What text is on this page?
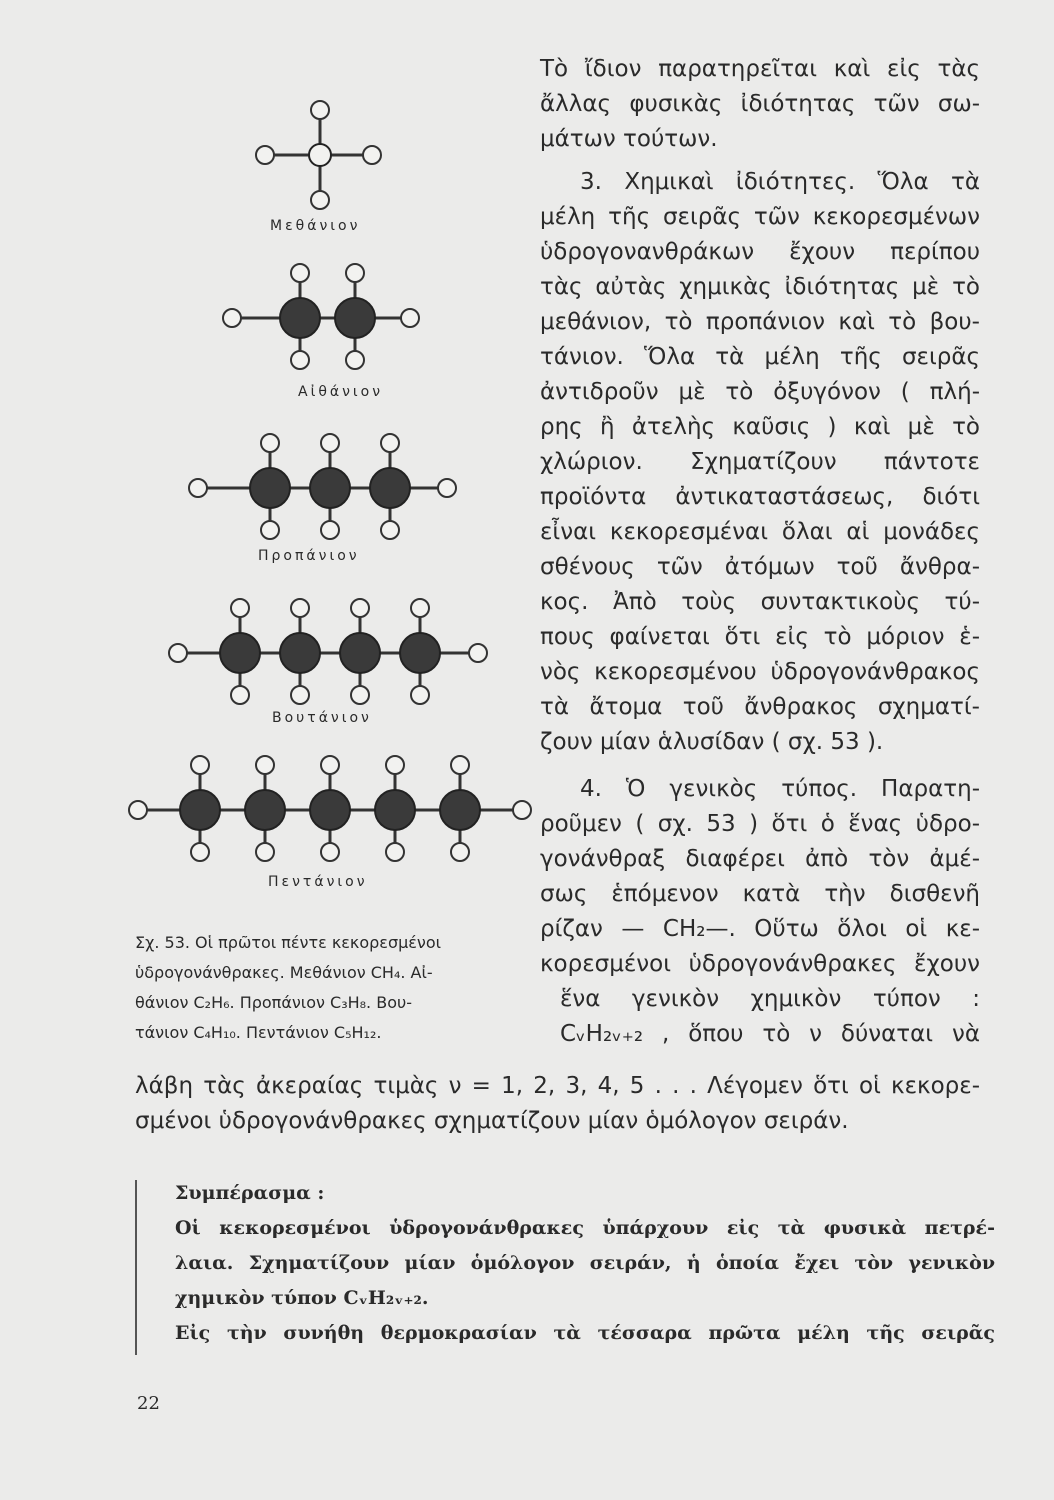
Μεθάνιον
Αἰθάνιον
Προπάνιον
Βουτάνιον
Πεντάνιον
Σχ. 53. Οἱ πρῶτοι πέντε κεκορεσμένοι
ὑδρογονάνθρακες. Μεθάνιον CH₄. Αἰ-
θάνιον C₂H₆. Προπάνιον C₃H₈. Βου-
τάνιον C₄H₁₀. Πεντάνιον C₅H₁₂.
Τὸ ἴδιον παρατηρεῖται καὶ εἰς τὰς
ἄλλας φυσικὰς ἰδιότητας τῶν σω-
μάτων τούτων.
3. Χημικαὶ ἰδιότητες. Ὅλα τὰ
μέλη τῆς σειρᾶς τῶν κεκορεσμένων
ὑδρογονανθράκων ἔχουν περίπου
τὰς αὐτὰς χημικὰς ἰδιότητας μὲ τὸ
μεθάνιον, τὸ προπάνιον καὶ τὸ βου-
τάνιον. Ὅλα τὰ μέλη τῆς σειρᾶς
ἀντιδροῦν μὲ τὸ ὀξυγόνον ( πλή-
ρης ἢ ἀτελὴς καῦσις ) καὶ μὲ τὸ
χλώριον. Σχηματίζουν πάντοτε
προϊόντα ἀντικαταστάσεως, διότι
εἶναι κεκορεσμέναι ὅλαι αἱ μονάδες
σθένους τῶν ἀτόμων τοῦ ἄνθρα-
κος. Ἀπὸ τοὺς συντακτικοὺς τύ-
πους φαίνεται ὅτι εἰς τὸ μόριον ἑ-
νὸς κεκορεσμένου ὑδρογονάνθρακος
τὰ ἄτομα τοῦ ἄνθρακος σχηματί-
ζουν μίαν ἁλυσίδαν ( σχ. 53 ).
4. Ὁ γενικὸς τύπος. Παρατη-
ροῦμεν ( σχ. 53 ) ὅτι ὁ ἕνας ὑδρο-
γονάνθραξ διαφέρει ἀπὸ τὸν ἀμέ-
σως ἑπόμενον κατὰ τὴν δισθενῆ
ρίζαν — CH₂—. Οὕτω ὅλοι οἱ κε-
κορεσμένοι ὑδρογονάνθρακες ἔχουν
ἕνα γενικὸν χημικὸν τύπον :
CᵥH₂ᵥ₊₂ , ὅπου τὸ ν δύναται νὰ
λάβη τὰς ἀκεραίας τιμὰς ν = 1, 2, 3, 4, 5 . . . Λέγομεν ὅτι οἱ κεκορε-
σμένοι ὑδρογονάνθρακες σχηματίζουν μίαν ὁμόλογον σειράν.
Συμπέρασμα :
Οἱ κεκορεσμένοι ὑδρογονάνθρακες ὑπάρχουν εἰς τὰ φυσικὰ πετρέ-
λαια. Σχηματίζουν μίαν ὁμόλογον σειράν, ἡ ὁποία ἔχει τὸν γενικὸν
χημικὸν τύπον CᵥH₂ᵥ₊₂.
Εἰς τὴν συνήθη θερμοκρασίαν τὰ τέσσαρα πρῶτα μέλη τῆς σειρᾶς
22
